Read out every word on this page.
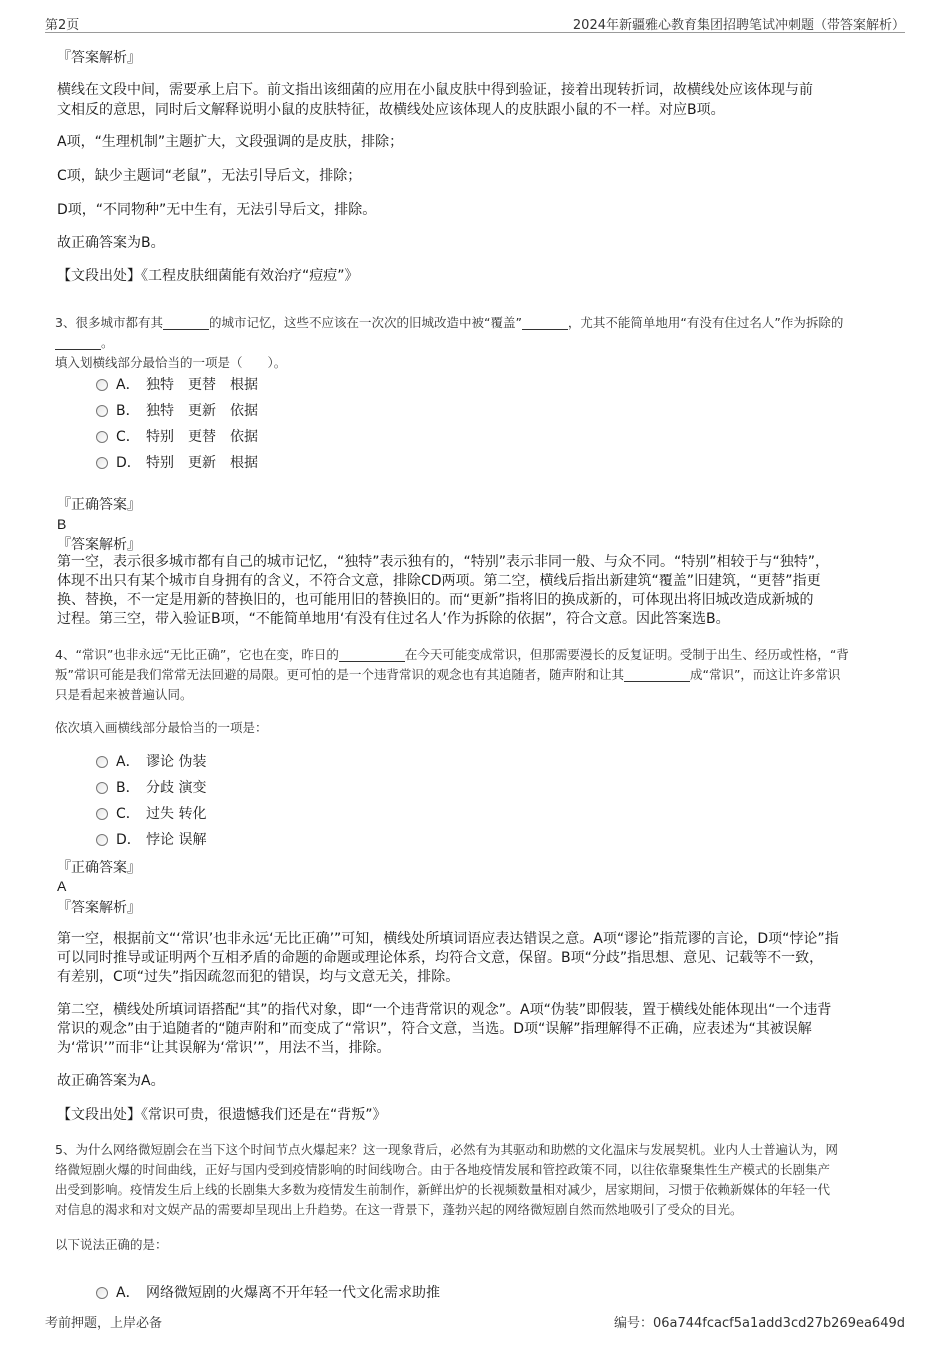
第2页	2024年新疆雅心教育集团招聘笔试冲刺题（带答案解析）
『答案解析』
横线在文段中间，需要承上启下。前文指出该细菌的应用在小鼠皮肤中得到验证，接着出现转折词，故横线处应该体现与前
文相反的意思，同时后文解释说明小鼠的皮肤特征，故横线处应该体现人的皮肤跟小鼠的不一样。对应B项。
A项，“生理机制”主题扩大，文段强调的是皮肤，排除；
C项，缺少主题词“老鼠”，无法引导后文，排除；
D项，“不同物种”无中生有，无法引导后文，排除。
故正确答案为B。
【文段出处】《工程皮肤细菌能有效治疗“痘痘”》
3、很多城市都有其	的城市记忆，这些不应该在一次次的旧城改造中被“覆盖”	，尤其不能简单地用“有没有住过名人”作为拆除的
。
填入划横线部分最恰当的一项是（　　）。
A． 独特　更替　根据
B． 独特　更新　依据
C． 特别　更替　依据
D． 特别　更新　根据
『正确答案』
B
『答案解析』
第一空，表示很多城市都有自己的城市记忆，“独特”表示独有的，“特别”表示非同一般、与众不同。“特别”相较于与“独特”，
体现不出只有某个城市自身拥有的含义，不符合文意，排除CD两项。第二空，横线后指出新建筑“覆盖”旧建筑，“更替”指更
换、替换，不一定是用新的替换旧的，也可能用旧的替换旧的。而“更新”指将旧的换成新的，可体现出将旧城改造成新城的
过程。第三空，带入验证B项，“不能简单地用‘有没有住过名人’作为拆除的依据”，符合文意。因此答案选B。
4、“常识”也非永远“无比正确”，它也在变，昨日的	在今天可能变成常识，但那需要漫长的反复证明。受制于出生、经历或性格，“背
叛”常识可能是我们常常无法回避的局限。更可怕的是一个违背常识的观念也有其追随者，随声附和让其	成“常识”，而这让许多常识
只是看起来被普遍认同。
依次填入画横线部分最恰当的一项是：
A． 谬论 伪装
B． 分歧 演变
C． 过失 转化
D． 悖论 误解
『正确答案』
A
『答案解析』
第一空，根据前文“‘常识’也非永远‘无比正确’”可知，横线处所填词语应表达错误之意。A项“谬论”指荒谬的言论，D项“悖论”指
可以同时推导或证明两个互相矛盾的命题的命题或理论体系，均符合文意，保留。B项“分歧”指思想、意见、记载等不一致，
有差别，C项“过失”指因疏忽而犯的错误，均与文意无关，排除。
第二空，横线处所填词语搭配“其”的指代对象，即“一个违背常识的观念”。A项“伪装”即假装，置于横线处能体现出“一个违背
常识的观念”由于追随者的“随声附和”而变成了“常识”，符合文意，当选。D项“误解”指理解得不正确，应表述为“其被误解
为‘常识’”而非“让其误解为‘常识’”，用法不当，排除。
故正确答案为A。
【文段出处】《常识可贵，很遗憾我们还是在“背叛”》
5、为什么网络微短剧会在当下这个时间节点火爆起来？这一现象背后，必然有为其驱动和助燃的文化温床与发展契机。业内人士普遍认为，网
络微短剧火爆的时间曲线，正好与国内受到疫情影响的时间线吻合。由于各地疫情发展和管控政策不同，以往依靠聚集性生产模式的长剧集产
出受到影响。疫情发生后上线的长剧集大多数为疫情发生前制作，新鲜出炉的长视频数量相对减少，居家期间，习惯于依赖新媒体的年轻一代
对信息的渴求和对文娱产品的需要却呈现出上升趋势。在这一背景下，蓬勃兴起的网络微短剧自然而然地吸引了受众的目光。
以下说法正确的是：
A． 网络微短剧的火爆离不开年轻一代文化需求助推
考前押题，上岸必备	编号：06a744fcacf5a1add3cd27b269ea649d
